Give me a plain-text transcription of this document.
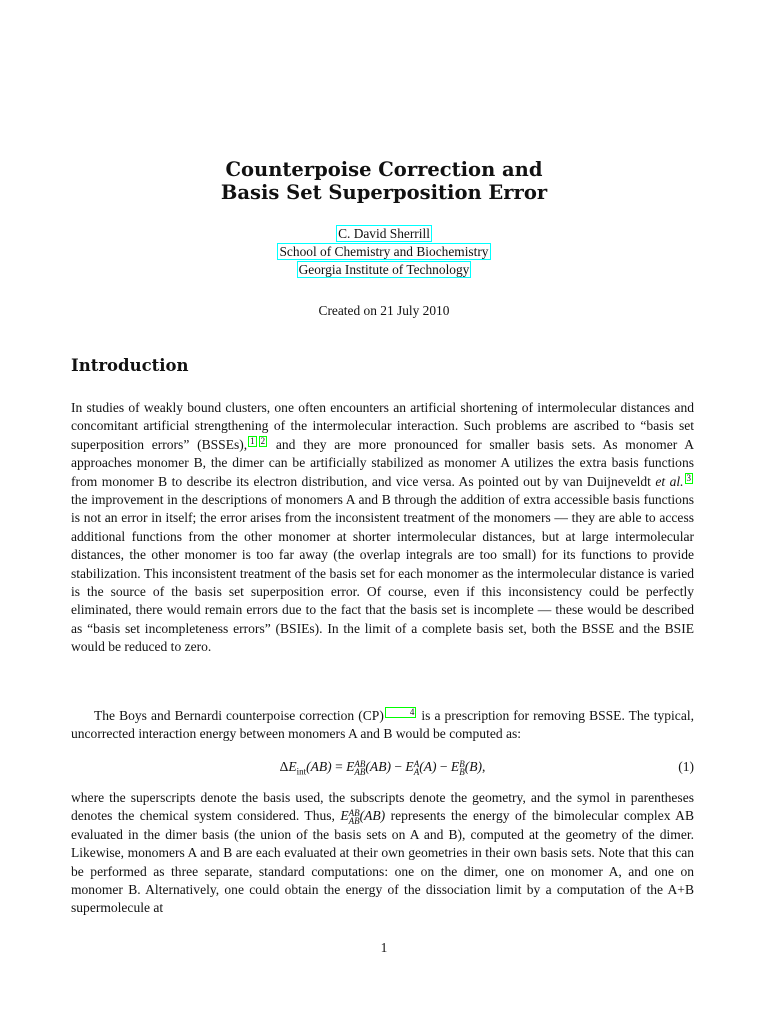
Counterpoise Correction and
Basis Set Superposition Error
C. David Sherrill
School of Chemistry and Biochemistry
Georgia Institute of Technology
Created on 21 July 2010
Introduction
In studies of weakly bound clusters, one often encounters an artificial shortening of intermolecular distances and concomitant artificial strengthening of the intermolecular interaction. Such problems are ascribed to “basis set superposition errors” (BSSEs), 1 2 and they are more pronounced for smaller basis sets. As monomer A approaches monomer B, the dimer can be artificially stabilized as monomer A utilizes the extra basis functions from monomer B to describe its electron distribution, and vice versa. As pointed out by van Duijneveldt et al. 3 the improvement in the descriptions of monomers A and B through the addition of extra accessible basis functions is not an error in itself; the error arises from the inconsistent treatment of the monomers — they are able to access additional functions from the other monomer at shorter intermolecular distances, but at large intermolecular distances, the other monomer is too far away (the overlap integrals are too small) for its functions to provide stabilization. This inconsistent treatment of the basis set for each monomer as the intermolecular distance is varied is the source of the basis set superposition error. Of course, even if this inconsistency could be perfectly eliminated, there would remain errors due to the fact that the basis set is incomplete — these would be described as “basis set incompleteness errors” (BSIEs). In the limit of a complete basis set, both the BSSE and the BSIE would be reduced to zero.
The Boys and Bernardi counterpoise correction (CP)	4 is a prescription for removing BSSE. The typical, uncorrected interaction energy between monomers A and B would be computed as:
$\Delta E_{int}(AB) = E$ AB
AB (AB) − E A
A (A) − E B
B (B),	(1)
where the superscripts denote the basis used, the subscripts denote the geometry, and the symol in parentheses denotes the chemical system considered. Thus, E AB
AB (AB) represents the energy of the bimolecular complex AB evaluated in the dimer basis (the union of the basis sets on A and B), computed at the geometry of the dimer. Likewise, monomers A and B are each evaluated at their own geometries in their own basis sets. Note that this can be performed as three separate, standard computations: one on the dimer, one on monomer A, and one on monomer B. Alternatively, one could obtain the energy of the dissociation limit by a computation of the A+B supermolecule at
1
